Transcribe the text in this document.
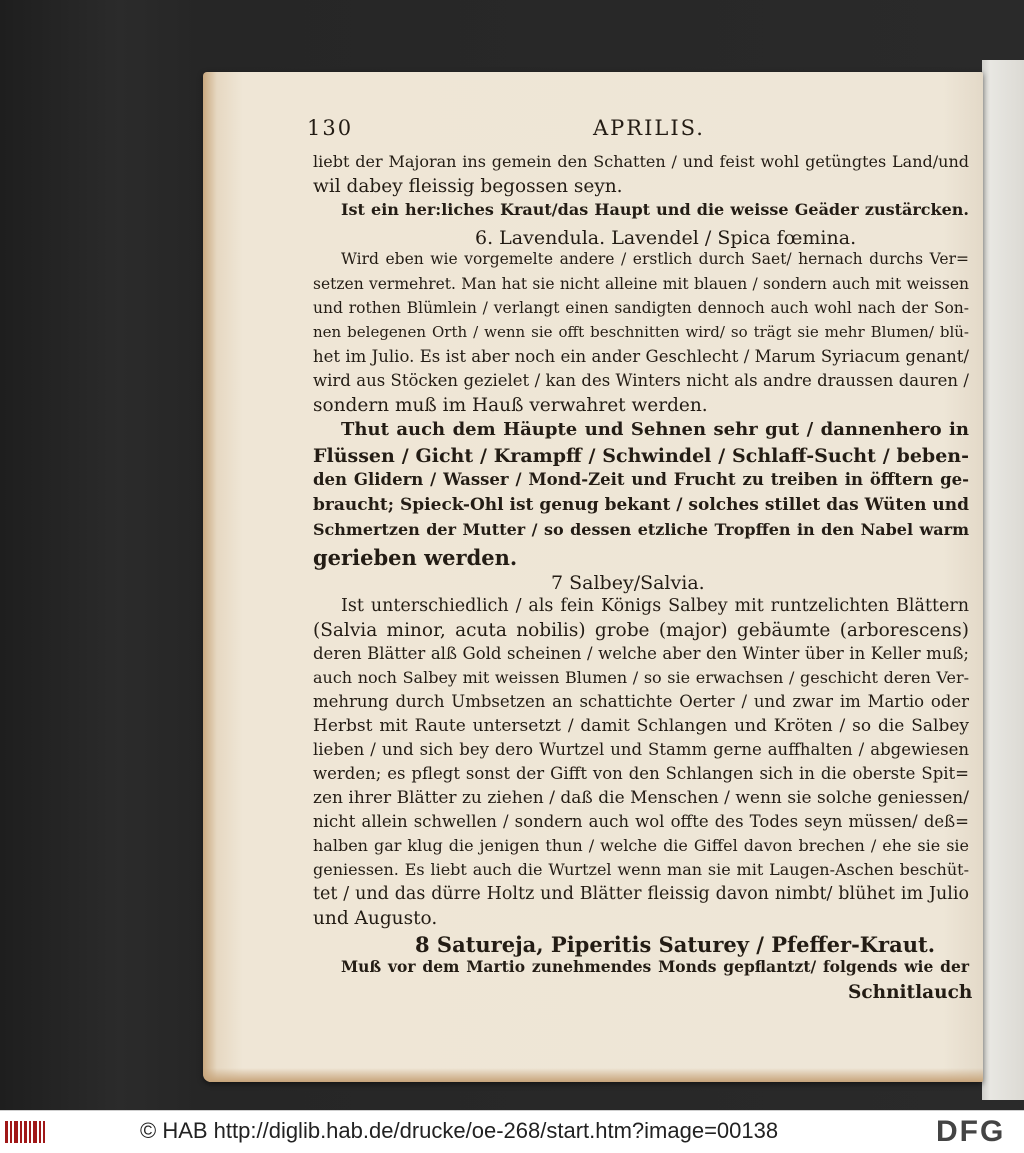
130	APRILIS.
liebt der Majoran ins gemein den Schatten / und feist wohl getüngtes Land/und
wil dabey fleissig begossen seyn.
Ist ein her:liches Kraut/das Haupt und die weisse Geäder zustärcken.
6. Lavendula. Lavendel / Spica fœmina.
Wird eben wie vorgemelte andere / erstlich durch Saet/ hernach durchs Ver=
setzen vermehret. Man hat sie nicht alleine mit blauen / sondern auch mit weissen
und rothen Blümlein / verlangt einen sandigten dennoch auch wohl nach der Son-
nen belegenen Orth / wenn sie offt beschnitten wird/ so trägt sie mehr Blumen/ blü-
het im Julio. Es ist aber noch ein ander Geschlecht / Marum Syriacum genant/
wird aus Stöcken gezielet / kan des Winters nicht als andre draussen dauren /
sondern muß im Hauß verwahret werden.
Thut auch dem Häupte und Sehnen sehr gut / dannenhero in
Flüssen / Gicht / Krampff / Schwindel / Schlaff-Sucht / beben-
den Glidern / Wasser / Mond-Zeit und Frucht zu treiben in öfftern ge-
braucht; Spieck-Ohl ist genug bekant / solches stillet das Wüten und
Schmertzen der Mutter / so dessen etzliche Tropffen in den Nabel warm
gerieben werden.
7 Salbey/Salvia.
Ist unterschiedlich / als fein Königs Salbey mit runtzelichten Blättern
(Salvia minor, acuta nobilis) grobe (major) gebäumte (arborescens)
deren Blätter alß Gold scheinen / welche aber den Winter über in Keller muß;
auch noch Salbey mit weissen Blumen / so sie erwachsen / geschicht deren Ver-
mehrung durch Umbsetzen an schattichte Oerter / und zwar im Martio oder
Herbst mit Raute untersetzt / damit Schlangen und Kröten / so die Salbey
lieben / und sich bey dero Wurtzel und Stamm gerne auffhalten / abgewiesen
werden; es pflegt sonst der Gifft von den Schlangen sich in die oberste Spit=
zen ihrer Blätter zu ziehen / daß die Menschen / wenn sie solche geniessen/
nicht allein schwellen / sondern auch wol offte des Todes seyn müssen/ deß=
halben gar klug die jenigen thun / welche die Giffel davon brechen / ehe sie sie
geniessen. Es liebt auch die Wurtzel wenn man sie mit Laugen-Aschen beschüt-
tet / und das dürre Holtz und Blätter fleissig davon nimbt/ blühet im Julio
und Augusto.
8 Satureja, Piperitis Saturey / Pfeffer-Kraut.
Muß vor dem Martio zunehmendes Monds gepflantzt/ folgends wie der
Schnitlauch
© HAB http://diglib.hab.de/drucke/oe-268/start.htm?image=00138	DFG
